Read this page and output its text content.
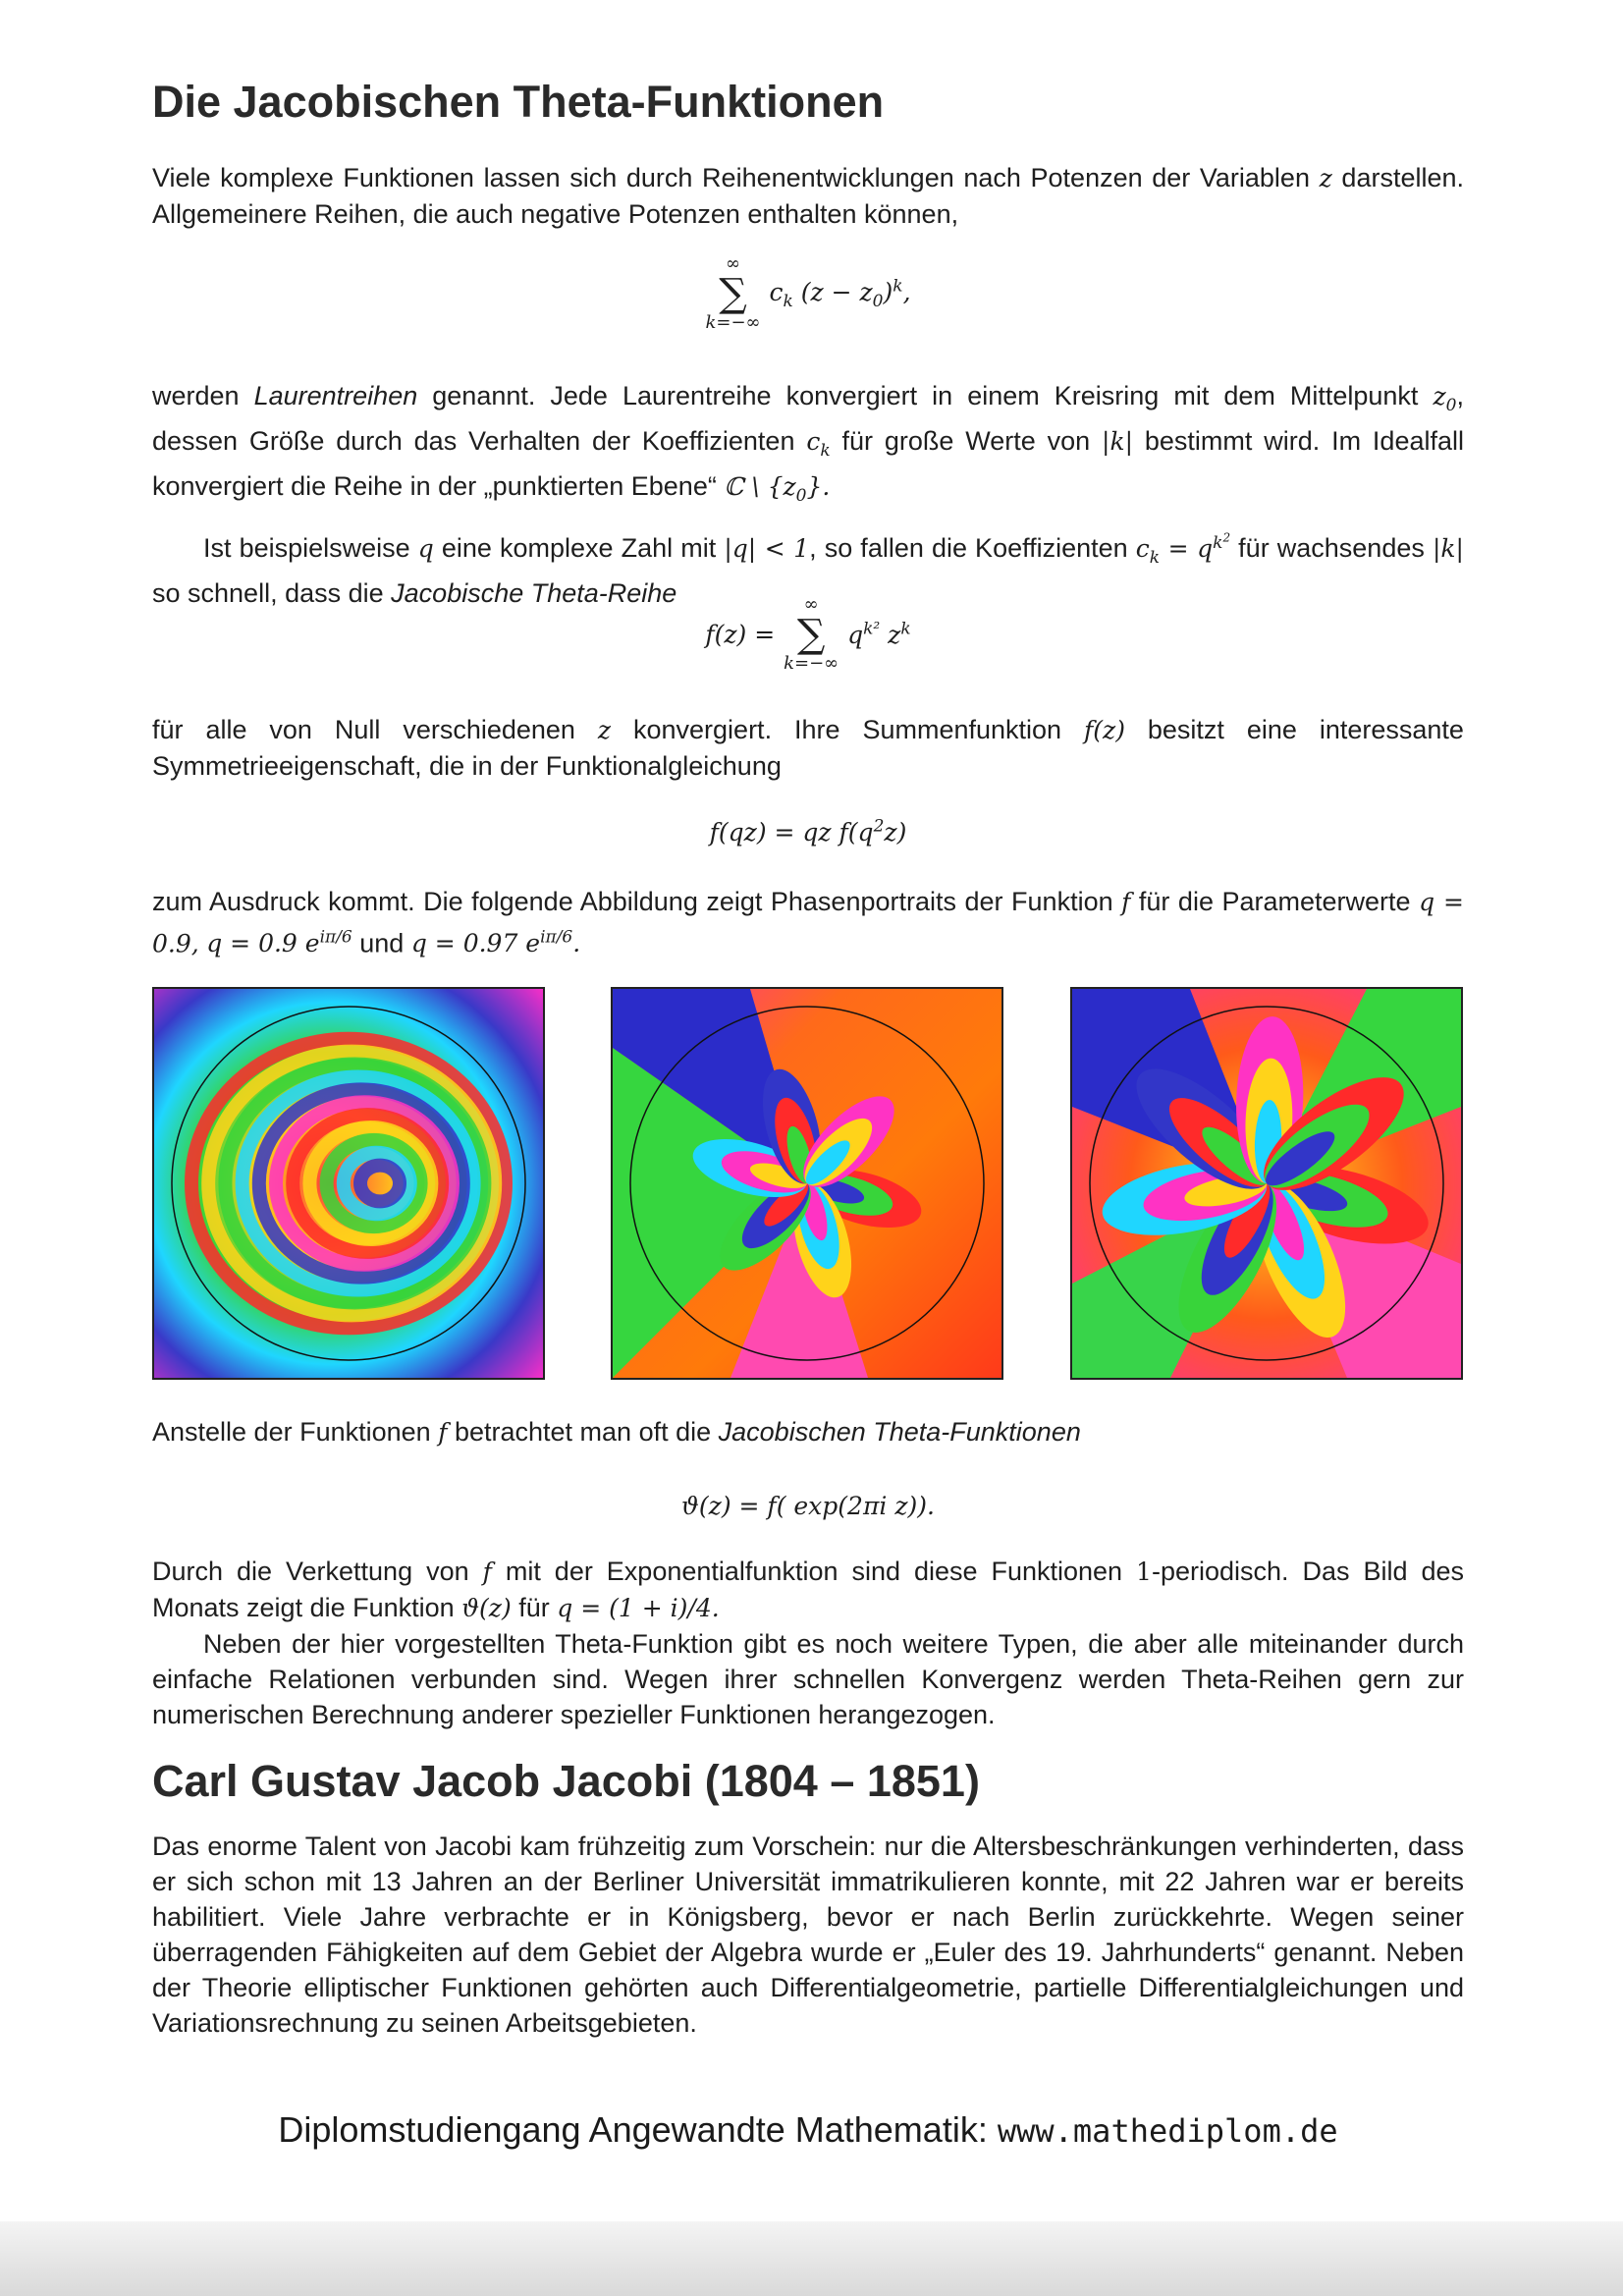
Die Jacobischen Theta-Funktionen

Viele komplexe Funktionen lassen sich durch Reihenentwicklungen nach Potenzen der Variablen z darstellen. Allgemeinere Reihen, die auch negative Potenzen enthalten können,

∞
∑
k=−∞ $c_k$ $(z - z_0)^k$,

werden Laurentreihen genannt. Jede Laurentreihe konvergiert in einem Kreisring mit dem Mittelpunkt $z_0$, dessen Größe durch das Verhalten der Koeffizienten $c_k$ für große Werte von |k| bestimmt wird. Im Idealfall konvergiert die Reihe in der „punktierten Ebene“ ℂ \ $\{z_0\}$.

Ist beispielsweise q eine komplexe Zahl mit |q| < 1, so fallen die Koeffizienten $c_k = q^{k^2}$ für wachsendes |k| so schnell, dass die Jacobische Theta-Reihe

f(z) = ∞
∑
k=−∞ $q^{k^2}$ $z^k$

für alle von Null verschiedenen z konvergiert. Ihre Summenfunktion f(z) besitzt eine interessante Symmetrieeigenschaft, die in der Funktionalgleichung

f(qz) = qz $f(q^2z)$

zum Ausdruck kommt. Die folgende Abbildung zeigt Phasenportraits der Funktion f für die Parameterwerte q = 0.9, q = 0.9 $e^{i\pi/6}$ und q = 0.97 $e^{i\pi/6}$.

Anstelle der Funktionen f betrachtet man oft die Jacobischen Theta-Funktionen

ϑ(z) = f( exp(2πi z)).

Durch die Verkettung von f mit der Exponentialfunktion sind diese Funktionen 1-periodisch. Das Bild des Monats zeigt die Funktion ϑ(z) für q = (1 + i)/4.

Neben der hier vorgestellten Theta-Funktion gibt es noch weitere Typen, die aber alle miteinander durch einfache Relationen verbunden sind. Wegen ihrer schnellen Konvergenz werden Theta-Reihen gern zur numerischen Berechnung anderer spezieller Funktionen herangezogen.

Carl Gustav Jacob Jacobi (1804 – 1851)

Das enorme Talent von Jacobi kam frühzeitig zum Vorschein: nur die Altersbeschränkungen verhinderten, dass er sich schon mit 13 Jahren an der Berliner Universität immatrikulieren konnte, mit 22 Jahren war er bereits habilitiert. Viele Jahre verbrachte er in Königsberg, bevor er nach Berlin zurückkehrte. Wegen seiner überragenden Fähigkeiten auf dem Gebiet der Algebra wurde er „Euler des 19. Jahrhunderts“ genannt. Neben der Theorie elliptischer Funktionen gehörten auch Differentialgeometrie, partielle Differentialgleichungen und Variationsrechnung zu seinen Arbeitsgebieten.

Diplomstudiengang Angewandte Mathematik: www.mathediplom.de
